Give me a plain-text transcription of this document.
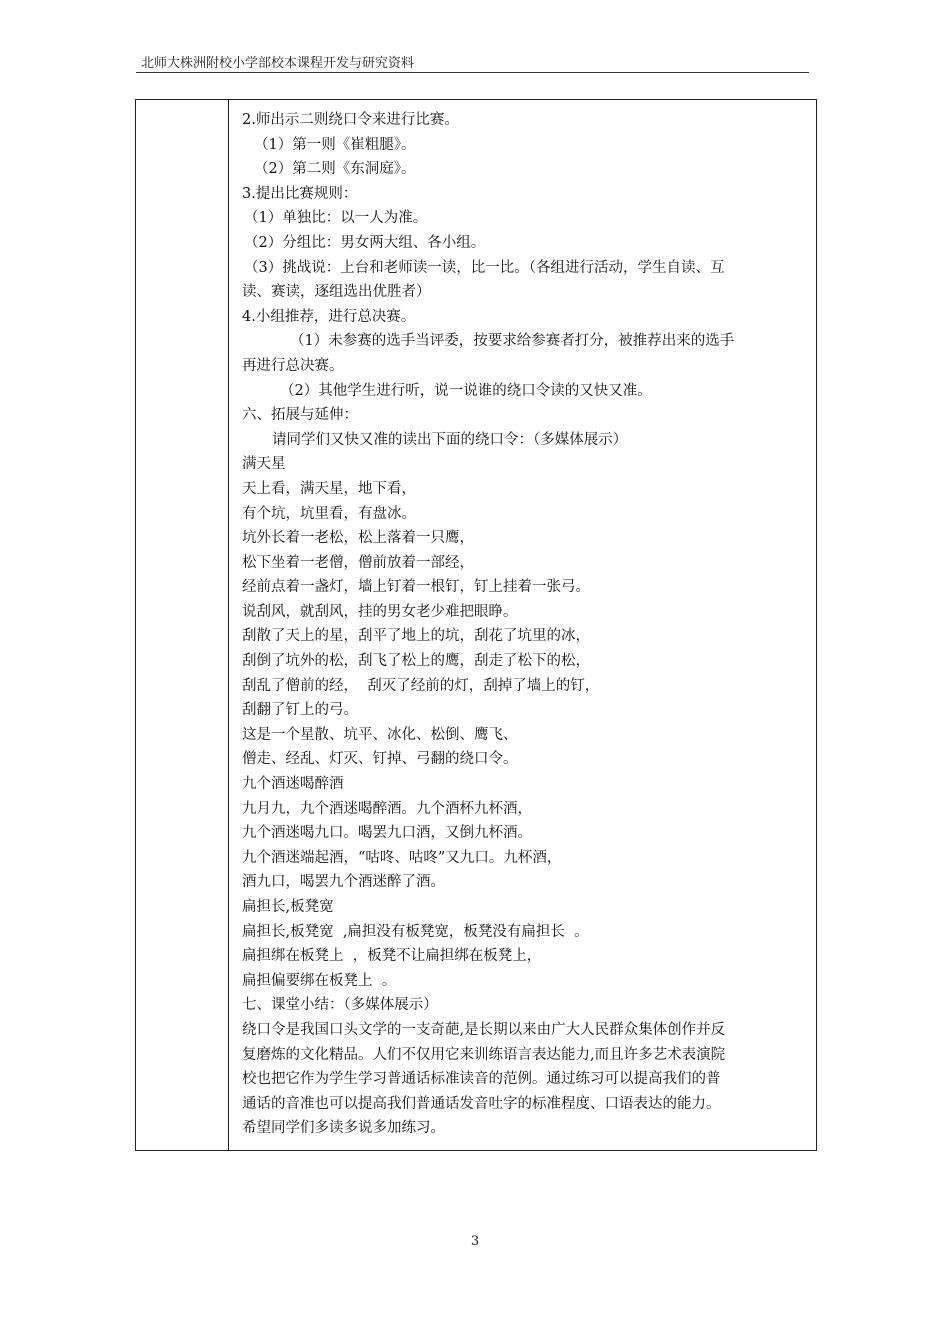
北师大株洲附校小学部校本课程开发与研究资料

2.师出示二则绕口令来进行比赛。

（1）第一则《崔粗腿》。

（2）第二则《东洞庭》。

3.提出比赛规则：

（1）单独比：以一人为准。

（2）分组比：男女两大组、各小组。

（3）挑战说：上台和老师读一读，比一比。（各组进行活动，学生自读、互

读、赛读，逐组选出优胜者）

4.小组推荐，进行总决赛。

（1）未参赛的选手当评委，按要求给参赛者打分，被推荐出来的选手

再进行总决赛。

（2）其他学生进行听，说一说谁的绕口令读的又快又准。

六、拓展与延伸：

请同学们又快又准的读出下面的绕口令：（多媒体展示）

满天星

天上看，满天星，地下看，

有个坑，坑里看，有盘冰。

坑外长着一老松，松上落着一只鹰，

松下坐着一老僧，僧前放着一部经，

经前点着一盏灯，墙上钉着一根钉，钉上挂着一张弓。

说刮风，就刮风，挂的男女老少难把眼睁。

刮散了天上的星，刮平了地上的坑，刮花了坑里的冰，

刮倒了坑外的松，刮飞了松上的鹰，刮走了松下的松，

刮乱了僧前的经，  刮灭了经前的灯，刮掉了墙上的钉，

刮翻了钉上的弓。

这是一个星散、坑平、冰化、松倒、鹰飞、

僧走、经乱、灯灭、钉掉、弓翻的绕口令。

九个酒迷喝醉酒

九月九，九个酒迷喝醉酒。九个酒杯九杯酒，

九个酒迷喝九口。喝罢九口酒，又倒九杯酒。

九个酒迷端起酒，“咕咚、咕咚”又九口。九杯酒，

酒九口，喝罢九个酒迷醉了酒。

扁担长,板凳宽

扁担长,板凳宽  ,扁担没有板凳宽，板凳没有扁担长  。

扁担绑在板凳上  ，板凳不让扁担绑在板凳上，

扁担偏要绑在板凳上  。

七、课堂小结：（多媒体展示）

绕口令是我国口头文学的一支奇葩,是长期以来由广大人民群众集体创作并反

复磨炼的文化精品。人们不仅用它来训练语言表达能力,而且许多艺术表演院

校也把它作为学生学习普通话标准读音的范例。通过练习可以提高我们的普

通话的音准也可以提高我们普通话发音吐字的标准程度、口语表达的能力。

希望同学们多读多说多加练习。

3
